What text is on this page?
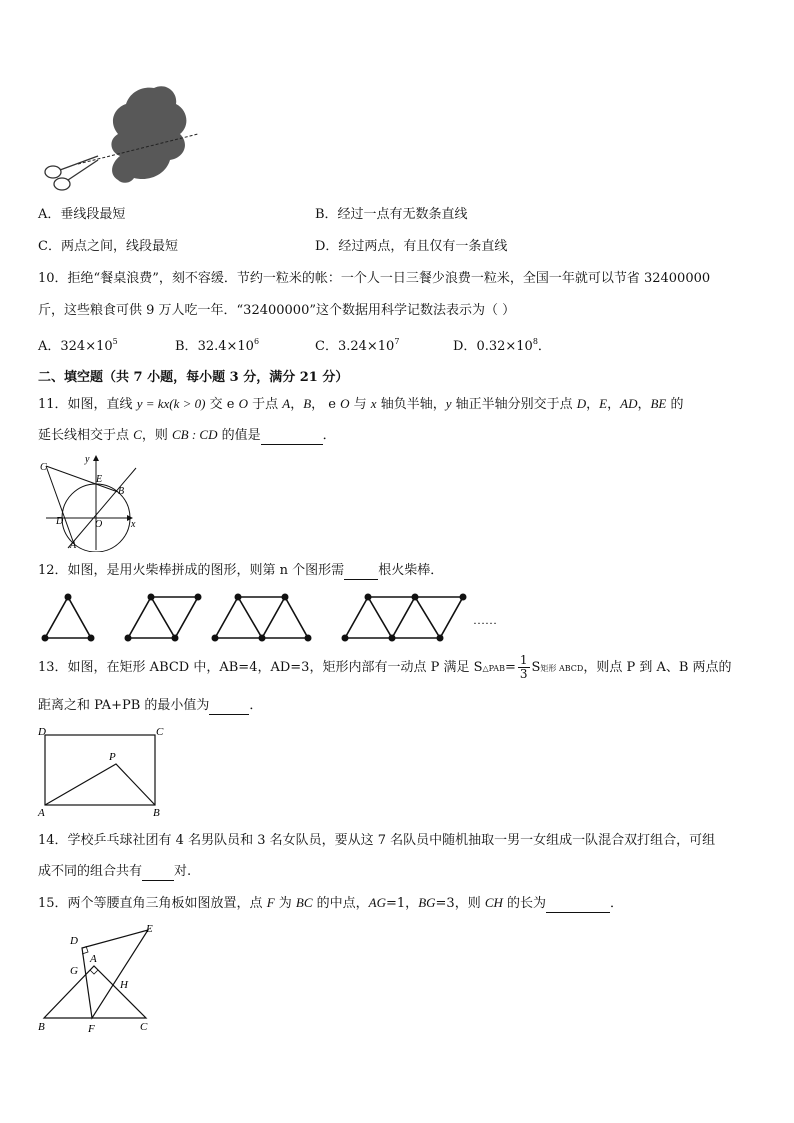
A．垂线段最短	B．经过一点有无数条直线
C．两点之间，线段最短	D．经过两点，有且仅有一条直线
10．拒绝“餐桌浪费”，刻不容缓．节约一粒米的帐：一个人一日三餐少浪费一粒米，全国一年就可以节省 32400000
斤，这些粮食可供 9 万人吃一年．“32400000”这个数据用科学记数法表示为（ ）
A．$324\times 10^5$	B．$32.4\times 10^6$	C．$3.24\times 10^7$	D．$0.32\times 10^8$．
二、填空题（共 7 小题，每小题 3 分，满分 21 分）
11．如图，直线 y = kx(k > 0) 交 e O 于点 A，B， e O 与 x 轴负半轴，y 轴正半轴分别交于点 D，E，AD，BE 的
延长线相交于点 C，则 CB : CD 的值是	．
C
y
E
B
D	O	x
A
12．如图，是用火柴棒拼成的图形，则第 n 个图形需	根火柴棒．
……
13．如图，在矩形 ABCD 中，AB=4，AD=3，矩形内部有一动点 P 满足 S△PAB= $\frac{1}{3}$ S矩形 ABCD，则点 P 到 A、B 两点的
距离之和 PA+PB 的最小值为	．
D	C
P
A	B
14．学校乒乓球社团有 4 名男队员和 3 名女队员，要从这 7 名队员中随机抽取一男一女组成一队混合双打组合，可组
成不同的组合共有 对.
15．两个等腰直角三角板如图放置，点 F 为 BC 的中点，AG=1，BG=3，则 CH 的长为	．
D
E
G
A
H
B	F	C
